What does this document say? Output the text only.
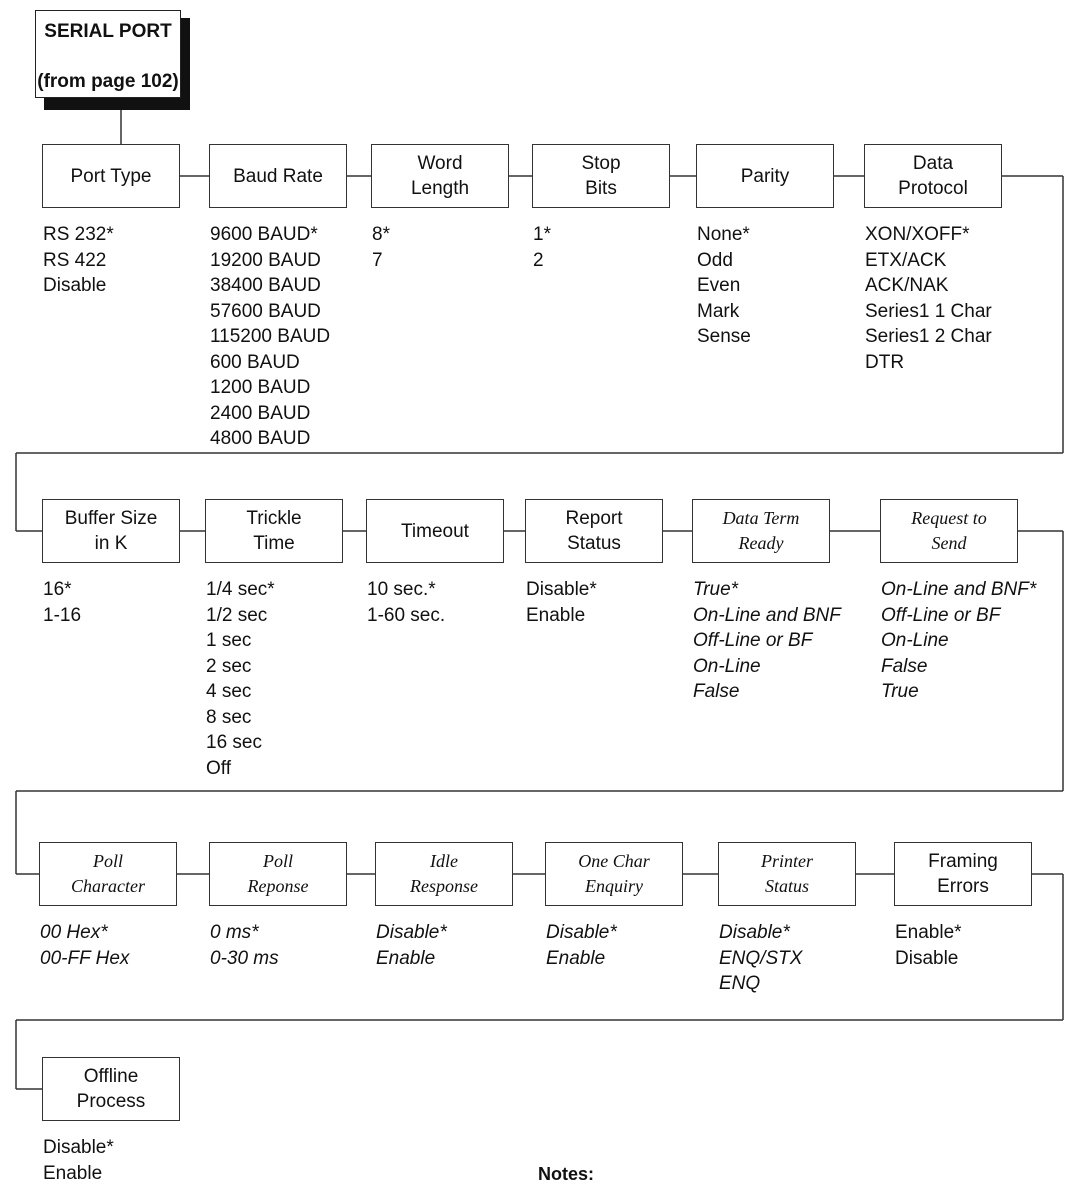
SERIAL PORT
(from page 102)
Port Type
RS 232*
RS 422
Disable
Baud Rate
9600 BAUD*
19200 BAUD
38400 BAUD
57600 BAUD
115200 BAUD
600 BAUD
1200 BAUD
2400 BAUD
4800 BAUD
Word
Length
8*
7
Stop
Bits
1*
2
Parity
None*
Odd
Even
Mark
Sense
Data
Protocol
XON/XOFF*
ETX/ACK
ACK/NAK
Series1 1 Char
Series1 2 Char
DTR
Buffer Size
in K
16*
1-16
Trickle
Time
1/4 sec*
1/2 sec
1 sec
2 sec
4 sec
8 sec
16 sec
Off
Timeout
10 sec.*
1-60 sec.
Report
Status
Disable*
Enable
Data Term
Ready
True*
On-Line and BNF
Off-Line or BF
On-Line
False
Request to
Send
On-Line and BNF*
Off-Line or BF
On-Line
False
True
Poll
Character
00 Hex*
00-FF Hex
Poll
Reponse
0 ms*
0-30 ms
Idle
Response
Disable*
Enable
One Char
Enquiry
Disable*
Enable
Printer
Status
Disable*
ENQ/STX
ENQ
Framing
Errors
Enable*
Disable
Offline
Process
Disable*
Enable	Notes:
